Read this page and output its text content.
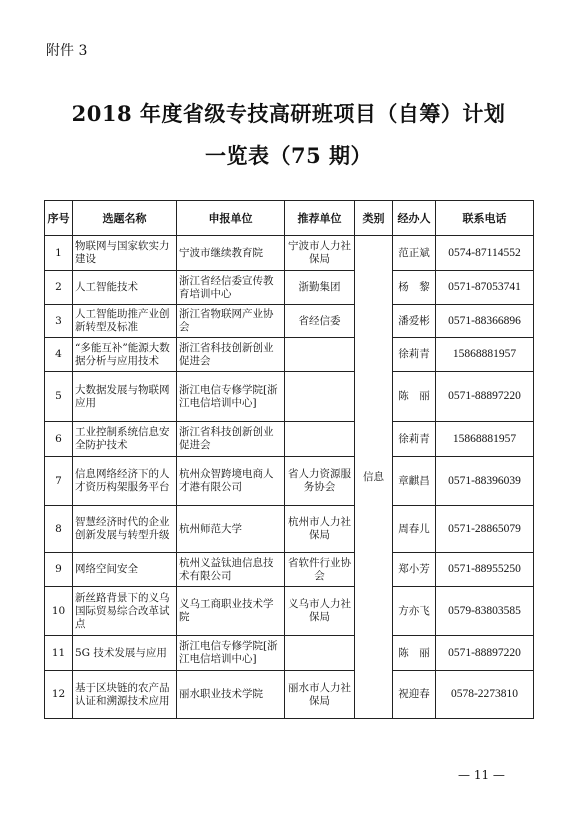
附件 3
2018 年度省级专技高研班项目（自筹）计划
一览表（75 期）
序号	选题名称	申报单位	推荐单位	类别	经办人	联系电话
1	物联网与国家软实力建设	宁波市继续教育院	宁波市人力社保局	信息	范正斌	0574-87114552
2	人工智能技术	浙江省经信委宣传教育培训中心	浙勤集团		杨　黎	0571-87053741
3	人工智能助推产业创新转型及标准	浙江省物联网产业协会	省经信委		潘爱彬	0571-88366896
4	“多能互补”能源大数据分析与应用技术	浙江省科技创新创业促进会			徐莉青	15868881957
5	大数据发展与物联网应用	浙江电信专修学院[浙江电信培训中心]			陈　丽	0571-88897220
6	工业控制系统信息安全防护技术	浙江省科技创新创业促进会			徐莉青	15868881957
7	信息网络经济下的人才资历构架服务平台	杭州众智跨境电商人才港有限公司	省人力资源服务协会		章麒昌	0571-88396039
8	智慧经济时代的企业创新发展与转型升级	杭州师范大学	杭州市人力社保局		周春儿	0571-28865079
9	网络空间安全	杭州义益钛迪信息技术有限公司	省软件行业协会		郑小芳	0571-88955250
10	新丝路背景下的义乌国际贸易综合改革试点	义乌工商职业技术学院	义乌市人力社保局		方亦飞	0579-83803585
11	5G 技术发展与应用	浙江电信专修学院[浙江电信培训中心]			陈　丽	0571-88897220
12	基于区块链的农产品认证和溯源技术应用	丽水职业技术学院	丽水市人力社保局		祝迎春	0578-2273810
— 11 —
